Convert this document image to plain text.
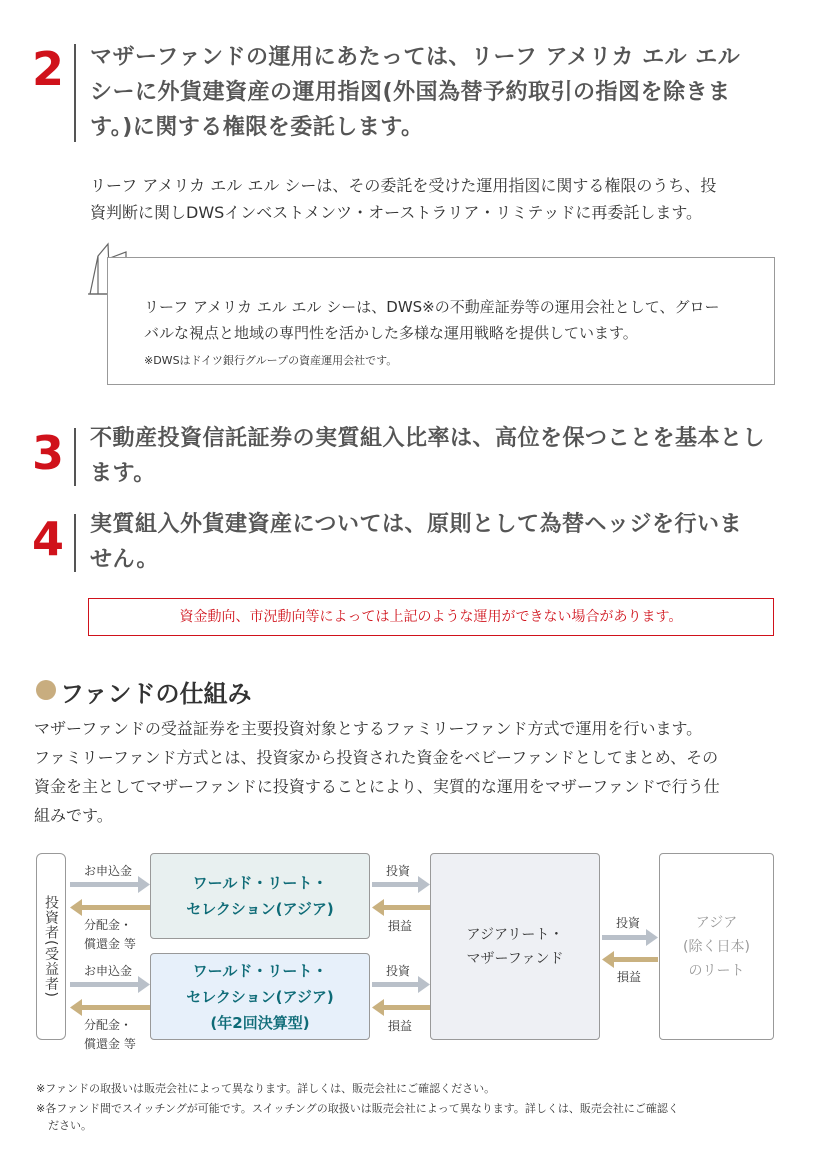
2 マザーファンドの運用にあたっては、リーフ アメリカ エル エル
シーに外貨建資産の運用指図(外国為替予約取引の指図を除きま
す。)に関する権限を委託します。
リーフ アメリカ エル エル シーは、その委託を受けた運用指図に関する権限のうち、投
資判断に関しDWSインベストメンツ・オーストラリア・リミテッドに再委託します。
リーフ アメリカ エル エル シーは、DWS※の不動産証券等の運用会社として、グロー
バルな視点と地域の専門性を活かした多様な運用戦略を提供しています。
※DWSはドイツ銀行グループの資産運用会社です。
3 不動産投資信託証券の実質組入比率は、高位を保つことを基本とし
ます。
4 実質組入外貨建資産については、原則として為替ヘッジを行いま
せん。
資金動向、市況動向等によっては上記のような運用ができない場合があります。
ファンドの仕組み
マザーファンドの受益証券を主要投資対象とするファミリーファンド方式で運用を行います。
ファミリーファンド方式とは、投資家から投資された資金をベビーファンドとしてまとめ、その
資金を主としてマザーファンドに投資することにより、実質的な運用をマザーファンドで行う仕
組みです。
投資者(受益者)
ワールド・リート・
セレクション(アジア)
ワールド・リート・
セレクション(アジア)
(年2回決算型)
アジアリート・
マザーファンド
アジア
(除く日本)
のリート
お申込金
分配金・
償還金 等
お申込金
分配金・
償還金 等
投資
損益
投資
損益
投資
損益
※ファンドの取扱いは販売会社によって異なります。詳しくは、販売会社にご確認ください。
※各ファンド間でスイッチングが可能です。スイッチングの取扱いは販売会社によって異なります。詳しくは、販売会社にご確認く
ださい。
